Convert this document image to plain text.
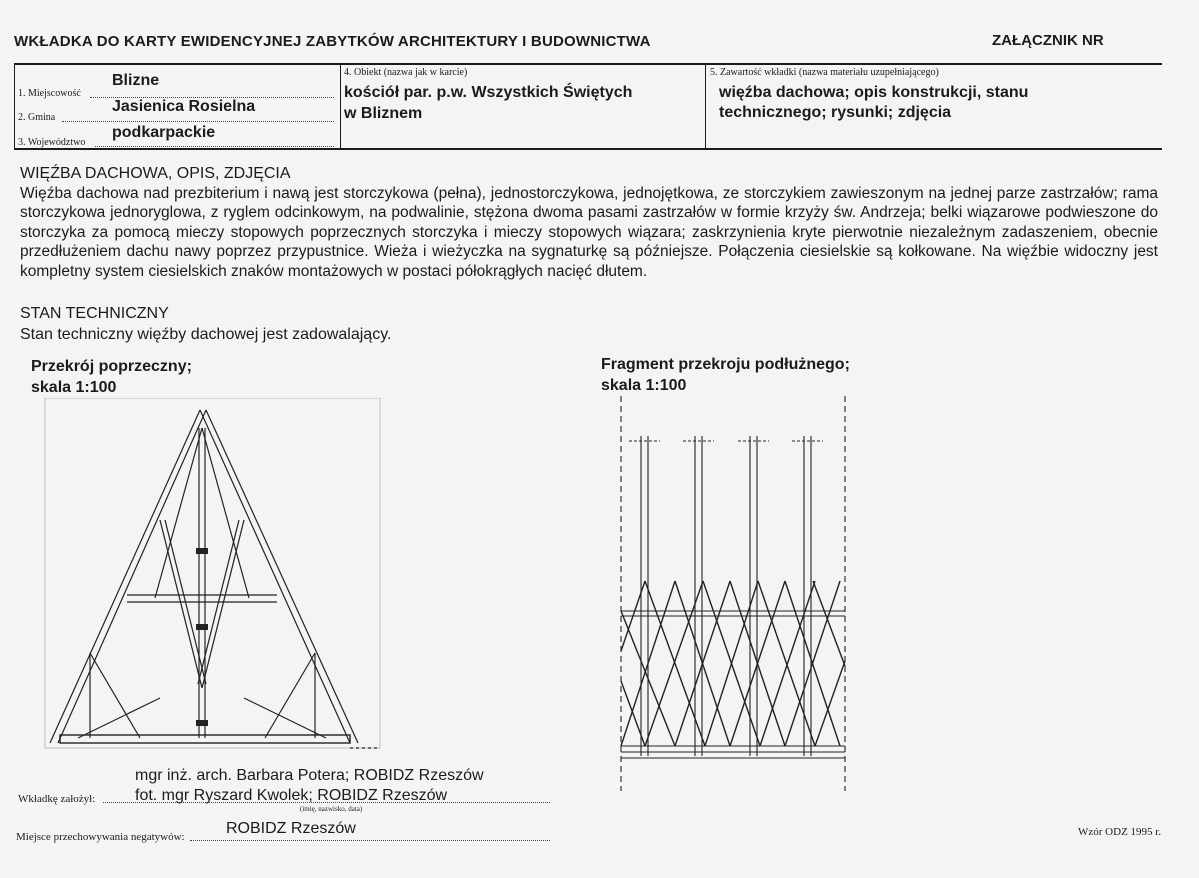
WKŁADKA DO KARTY EWIDENCYJNEJ ZABYTKÓW ARCHITEKTURY I BUDOWNICTWA	ZAŁĄCZNIK NR
1. Miejscowość
Blizne
2. Gmina
Jasienica Rosielna
3. Województwo
podkarpackie
4. Obiekt (nazwa jak w karcie)
kościół par. p.w. Wszystkich Świętych
w Bliznem
5. Zawartość wkładki (nazwa materiału uzupełniającego)
więźba dachowa; opis konstrukcji, stanu
technicznego; rysunki; zdjęcia
WIĘŹBA DACHOWA, OPIS, ZDJĘCIA

Więźba dachowa nad prezbiterium i nawą jest storczykowa (pełna), jednostorczykowa, jednojętkowa, ze storczykiem zawieszonym na jednej parze zastrzałów; rama storczykowa jednoryglowa, z ryglem odcinkowym, na podwalinie, stężona dwoma pasami zastrzałów w formie krzyży św. Andrzeja; belki wiązarowe podwieszone do storczyka za pomocą mieczy stopowych poprzecznych storczyka i mieczy stopowych wiązara; zaskrzynienia kryte pierwotnie niezależnym zadaszeniem, obecnie przedłużeniem dachu nawy poprzez przypustnice. Wieża i wieżyczka na sygnaturkę są późniejsze. Połączenia ciesielskie są kołkowane. Na więźbie widoczny jest kompletny system ciesielskich znaków montażowych w postaci półokrągłych nacięć dłutem.

STAN TECHNICZNY
Stan techniczny więźby dachowej jest zadowalający.
Przekrój poprzeczny;
skala 1:100
Fragment przekroju podłużnego;
skala 1:100
mgr inż. arch. Barbara Potera; ROBIDZ Rzeszów
Wkładkę założył: fot. mgr Ryszard Kwolek; ROBIDZ Rzeszów
(imię, nazwisko, data)
Miejsce przechowywania negatywów:	ROBIDZ Rzeszów	Wzór ODZ 1995 r.
